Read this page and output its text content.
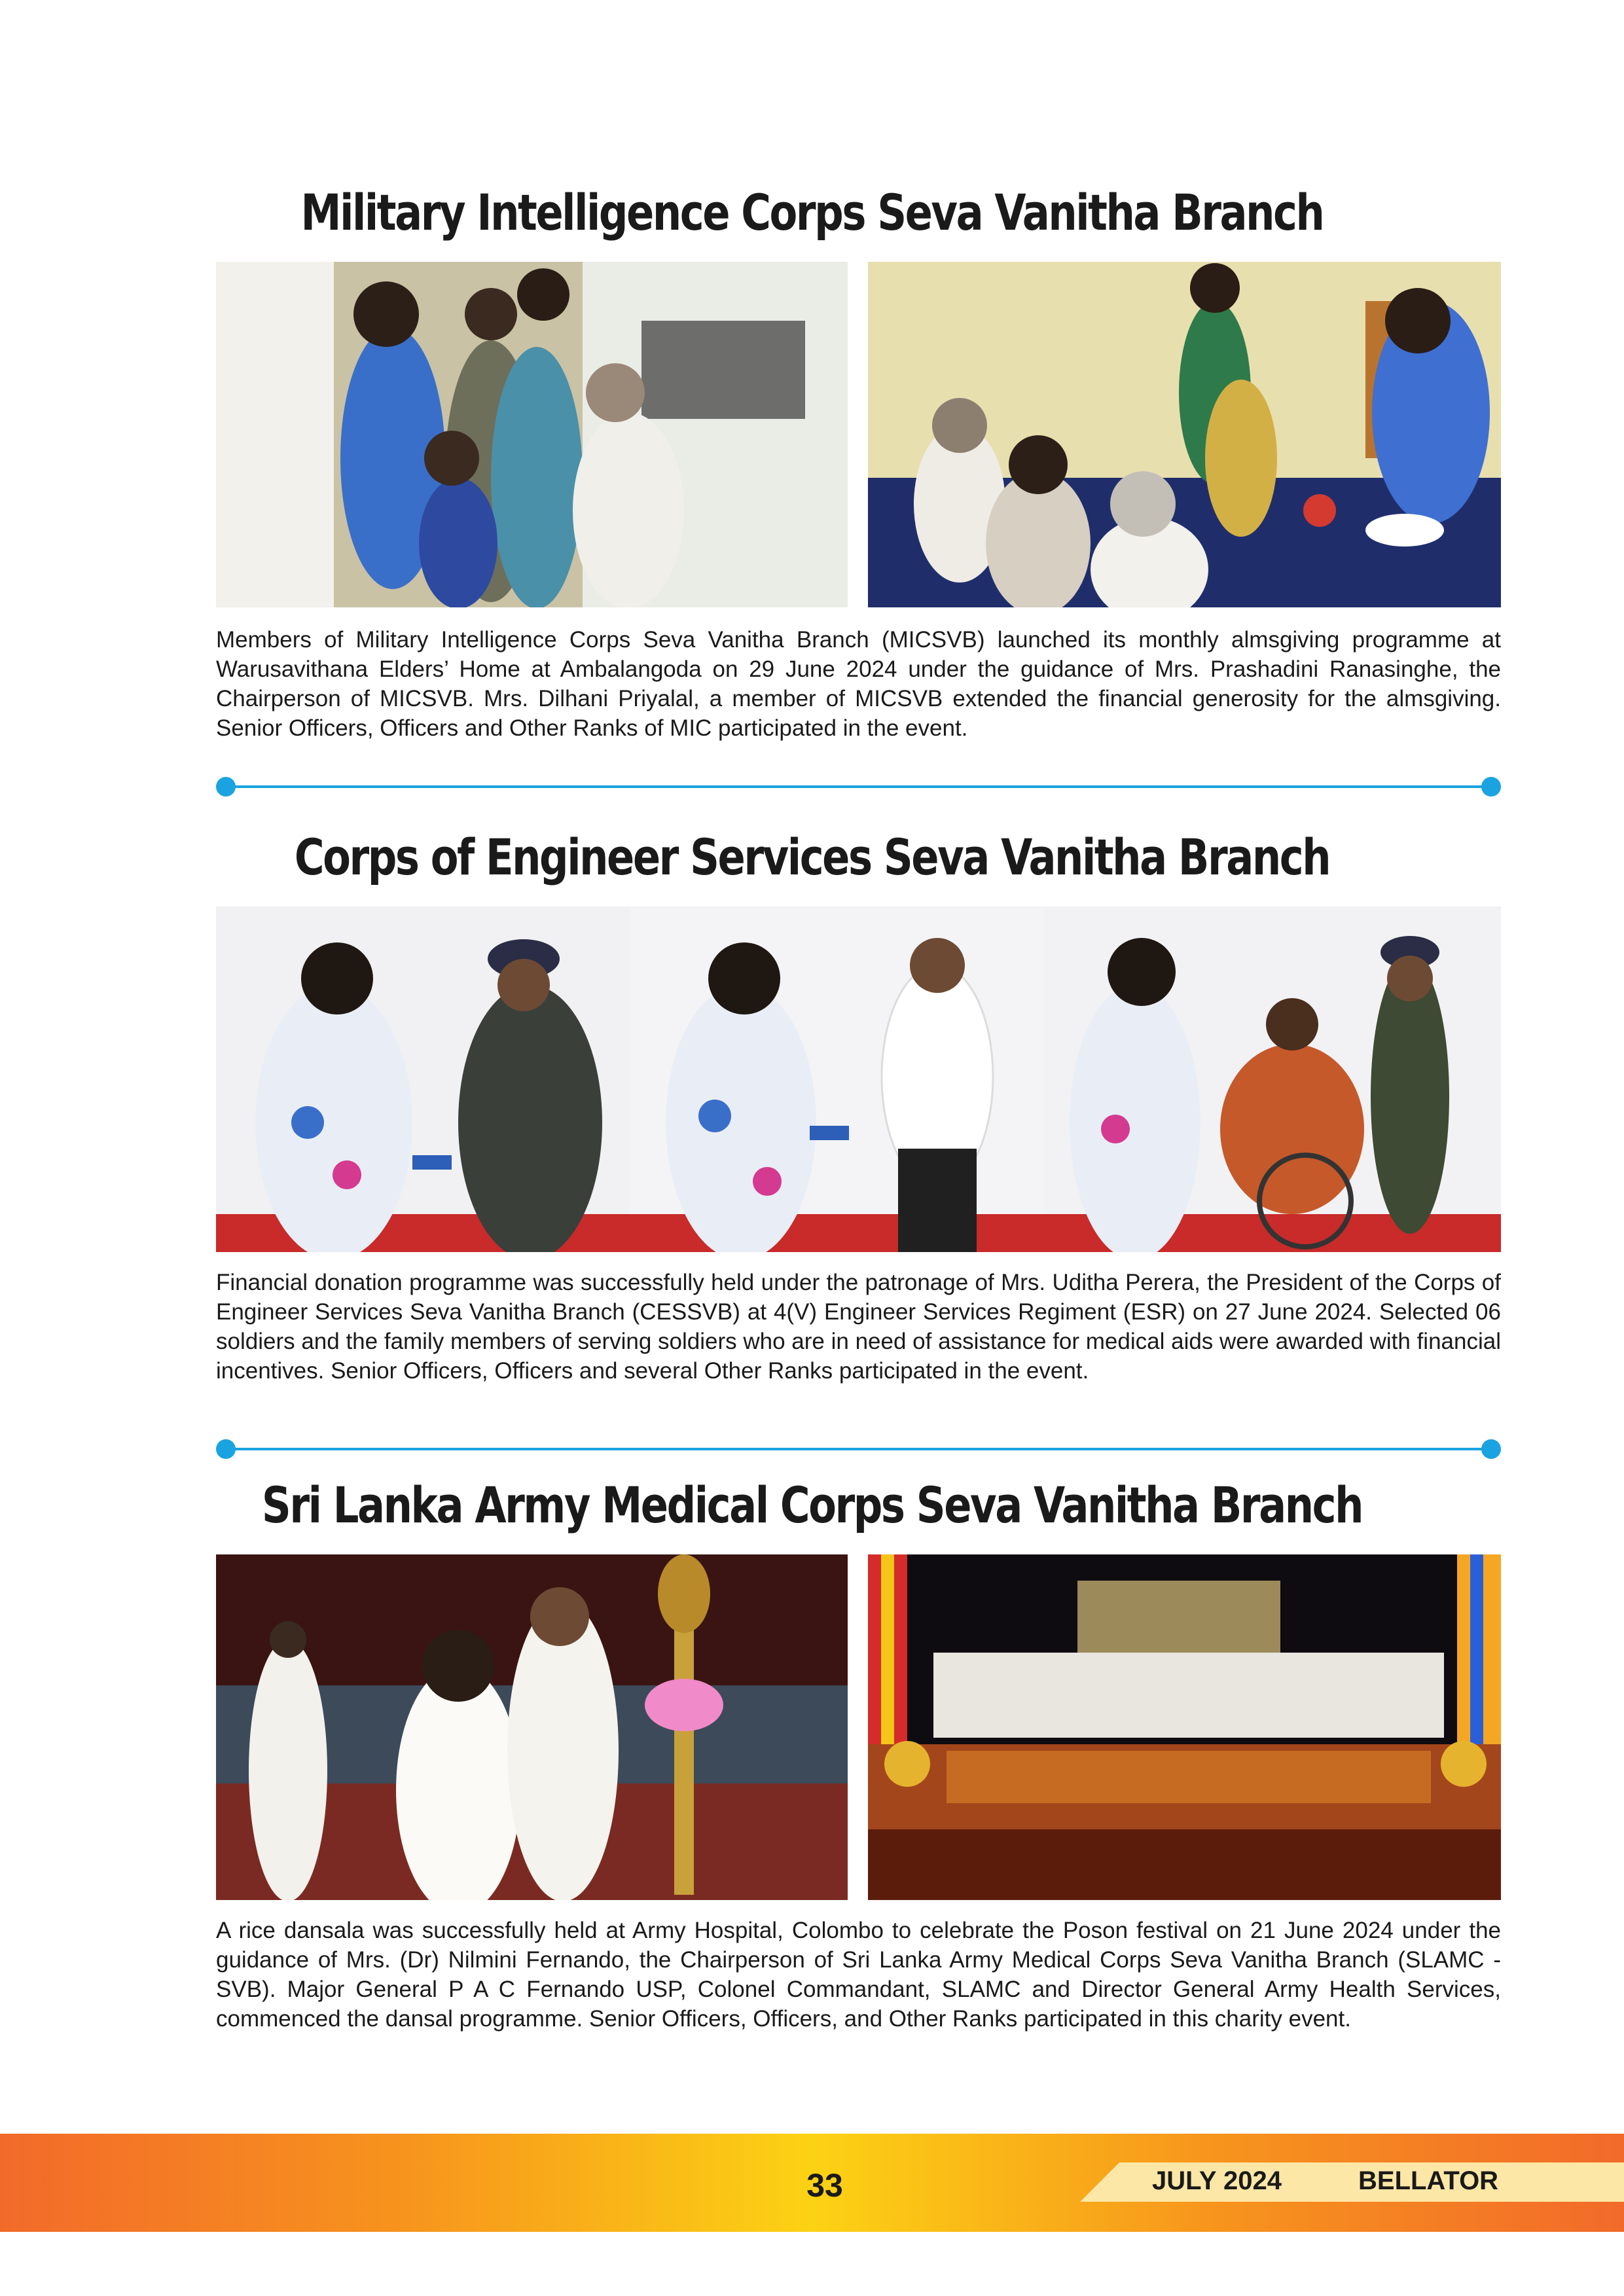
Military Intelligence Corps Seva Vanitha Branch
Members of Military Intelligence Corps Seva Vanitha Branch (MICSVB) launched its monthly almsgiving programme at Warusavithana Elders’ Home at Ambalangoda on 29 June 2024 under the guidance of Mrs. Prashadini Ranasinghe, the Chairperson of MICSVB. Mrs. Dilhani Priyalal, a member of MICSVB extended the financial generosity for the almsgiving. Senior Officers, Officers and Other Ranks of MIC participated in the event.
Corps of Engineer Services Seva Vanitha Branch
Financial donation programme was successfully held under the patronage of Mrs. Uditha Perera, the President of the Corps of Engineer Services Seva Vanitha Branch (CESSVB) at 4(V) Engineer Services Regiment (ESR) on 27 June 2024. Selected 06 soldiers and the family members of serving soldiers who are in need of assistance for medical aids were awarded with financial incentives. Senior Officers, Officers and several Other Ranks participated in the event.
Sri Lanka Army Medical Corps Seva Vanitha Branch
A rice dansala was successfully held at Army Hospital, Colombo to celebrate the Poson festival on 21 June 2024 under the guidance of Mrs. (Dr) Nilmini Fernando, the Chairperson of Sri Lanka Army Medical Corps Seva Vanitha Branch (SLAMC - SVB). Major General P A C Fernando USP, Colonel Commandant, SLAMC and Director General Army Health Services, commenced the dansal programme. Senior Officers, Officers, and Other Ranks participated in this charity event.
33	JULY 2024	BELLATOR
